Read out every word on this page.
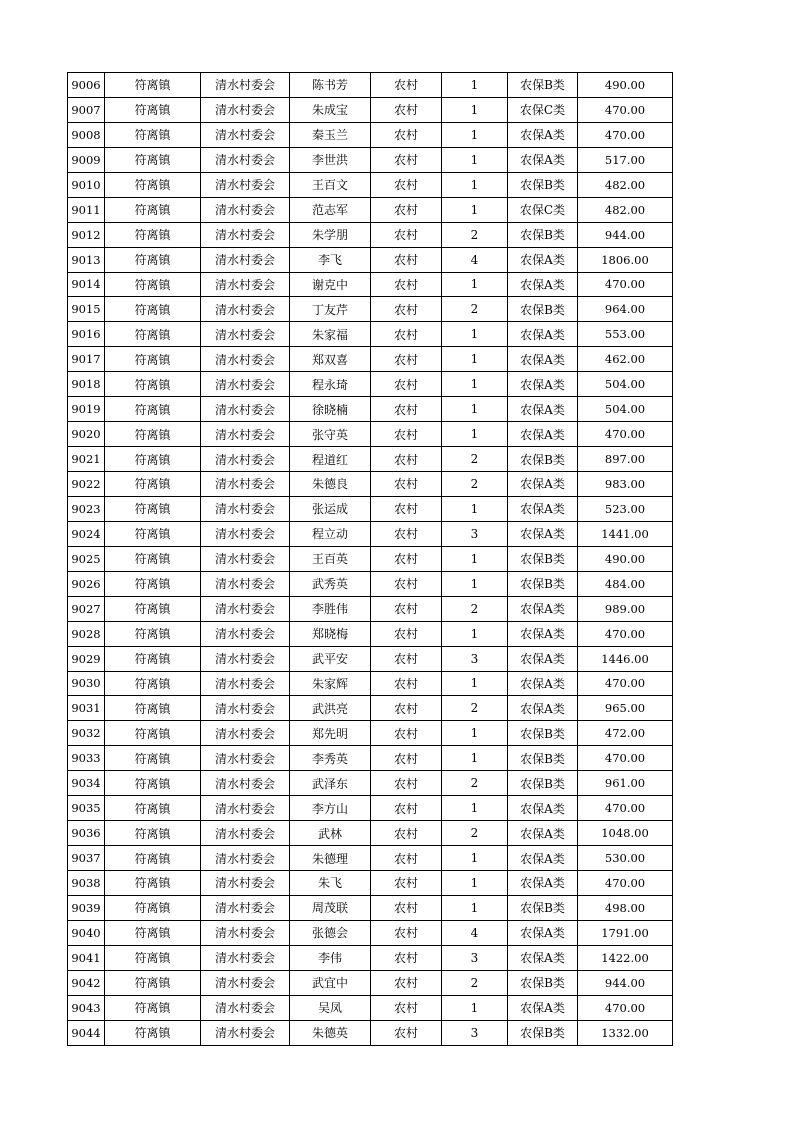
9006	符离镇	清水村委会	陈书芳	农村	1	农保B类	490.00
9007	符离镇	清水村委会	朱成宝	农村	1	农保C类	470.00
9008	符离镇	清水村委会	秦玉兰	农村	1	农保A类	470.00
9009	符离镇	清水村委会	李世洪	农村	1	农保A类	517.00
9010	符离镇	清水村委会	王百文	农村	1	农保B类	482.00
9011	符离镇	清水村委会	范志军	农村	1	农保C类	482.00
9012	符离镇	清水村委会	朱学朋	农村	2	农保B类	944.00
9013	符离镇	清水村委会	李飞	农村	4	农保A类	1806.00
9014	符离镇	清水村委会	谢克中	农村	1	农保A类	470.00
9015	符离镇	清水村委会	丁友芹	农村	2	农保B类	964.00
9016	符离镇	清水村委会	朱家福	农村	1	农保A类	553.00
9017	符离镇	清水村委会	郑双喜	农村	1	农保A类	462.00
9018	符离镇	清水村委会	程永琦	农村	1	农保A类	504.00
9019	符离镇	清水村委会	徐晓楠	农村	1	农保A类	504.00
9020	符离镇	清水村委会	张守英	农村	1	农保A类	470.00
9021	符离镇	清水村委会	程道红	农村	2	农保B类	897.00
9022	符离镇	清水村委会	朱德良	农村	2	农保A类	983.00
9023	符离镇	清水村委会	张运成	农村	1	农保A类	523.00
9024	符离镇	清水村委会	程立动	农村	3	农保A类	1441.00
9025	符离镇	清水村委会	王百英	农村	1	农保B类	490.00
9026	符离镇	清水村委会	武秀英	农村	1	农保B类	484.00
9027	符离镇	清水村委会	李胜伟	农村	2	农保A类	989.00
9028	符离镇	清水村委会	郑晓梅	农村	1	农保A类	470.00
9029	符离镇	清水村委会	武平安	农村	3	农保A类	1446.00
9030	符离镇	清水村委会	朱家辉	农村	1	农保A类	470.00
9031	符离镇	清水村委会	武洪亮	农村	2	农保A类	965.00
9032	符离镇	清水村委会	郑先明	农村	1	农保B类	472.00
9033	符离镇	清水村委会	李秀英	农村	1	农保B类	470.00
9034	符离镇	清水村委会	武泽东	农村	2	农保B类	961.00
9035	符离镇	清水村委会	李方山	农村	1	农保A类	470.00
9036	符离镇	清水村委会	武林	农村	2	农保A类	1048.00
9037	符离镇	清水村委会	朱德理	农村	1	农保A类	530.00
9038	符离镇	清水村委会	朱飞	农村	1	农保A类	470.00
9039	符离镇	清水村委会	周茂联	农村	1	农保B类	498.00
9040	符离镇	清水村委会	张德会	农村	4	农保A类	1791.00
9041	符离镇	清水村委会	李伟	农村	3	农保A类	1422.00
9042	符离镇	清水村委会	武宜中	农村	2	农保B类	944.00
9043	符离镇	清水村委会	吴凤	农村	1	农保A类	470.00
9044	符离镇	清水村委会	朱德英	农村	3	农保B类	1332.00
